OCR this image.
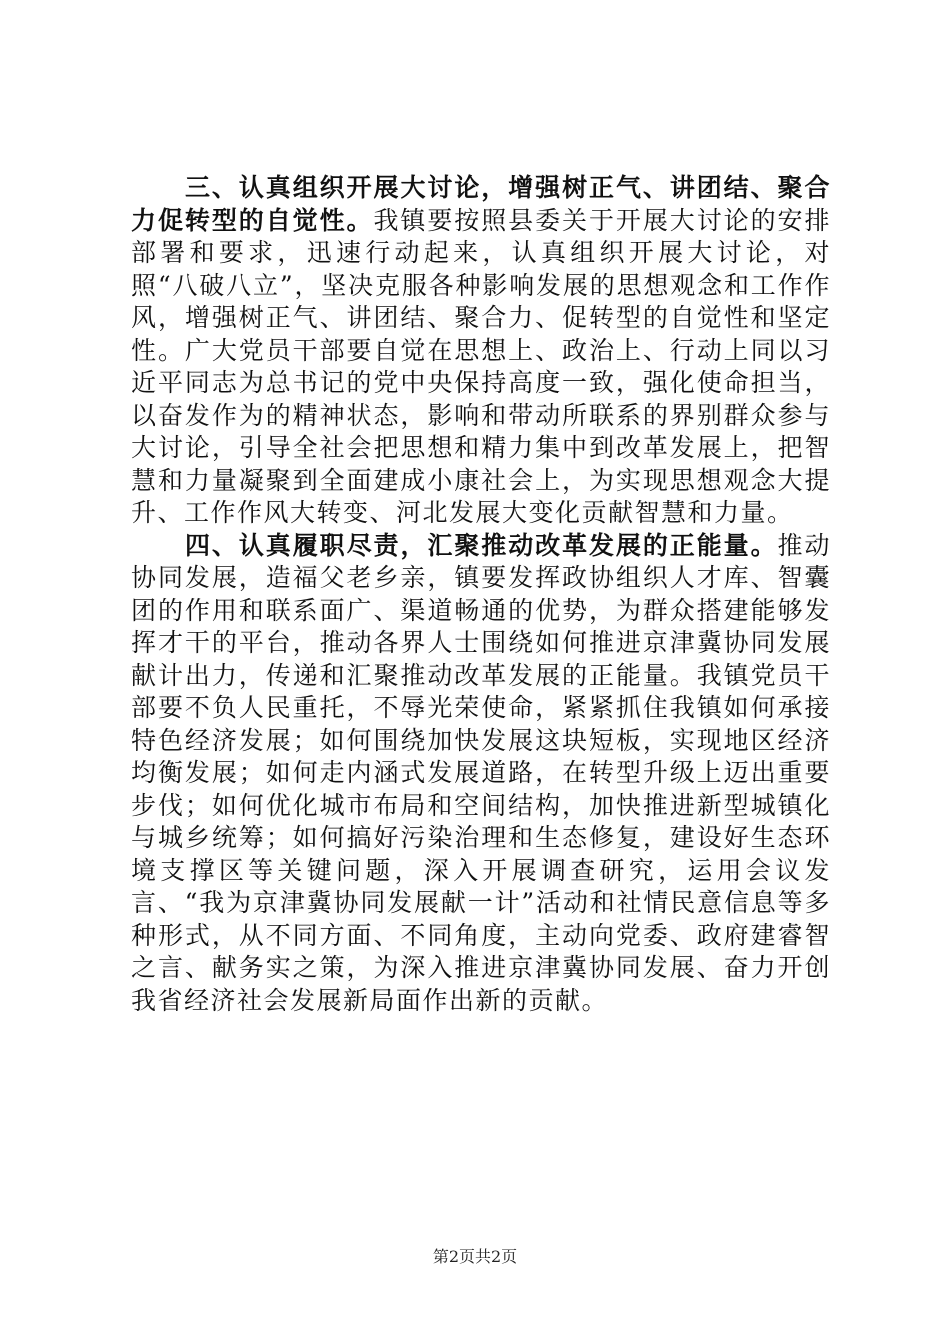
三、认真组织开展大讨论，增强树正气、讲团结、聚合力促转型的自觉性。我镇要按照县委关于开展大讨论的安排部署和要求，迅速行动起来，认真组织开展大讨论，对照“八破八立”，坚决克服各种影响发展的思想观念和工作作风，增强树正气、讲团结、聚合力、促转型的自觉性和坚定性。广大党员干部要自觉在思想上、政治上、行动上同以习近平同志为总书记的党中央保持高度一致，强化使命担当，以奋发作为的精神状态，影响和带动所联系的界别群众参与大讨论，引导全社会把思想和精力集中到改革发展上，把智慧和力量凝聚到全面建成小康社会上，为实现思想观念大提升、工作作风大转变、河北发展大变化贡献智慧和力量。

四、认真履职尽责，汇聚推动改革发展的正能量。推动协同发展，造福父老乡亲，镇要发挥政协组织人才库、智囊团的作用和联系面广、渠道畅通的优势，为群众搭建能够发挥才干的平台，推动各界人士围绕如何推进京津冀协同发展献计出力，传递和汇聚推动改革发展的正能量。我镇党员干部要不负人民重托，不辱光荣使命，紧紧抓住我镇如何承接特色经济发展；如何围绕加快发展这块短板，实现地区经济均衡发展；如何走内涵式发展道路，在转型升级上迈出重要步伐；如何优化城市布局和空间结构，加快推进新型城镇化与城乡统筹；如何搞好污染治理和生态修复，建设好生态环境支撑区等关键问题，深入开展调查研究，运用会议发言、“我为京津冀协同发展献一计”活动和社情民意信息等多种形式，从不同方面、不同角度，主动向党委、政府建睿智之言、献务实之策，为深入推进京津冀协同发展、奋力开创我省经济社会发展新局面作出新的贡献。

第2页共2页
